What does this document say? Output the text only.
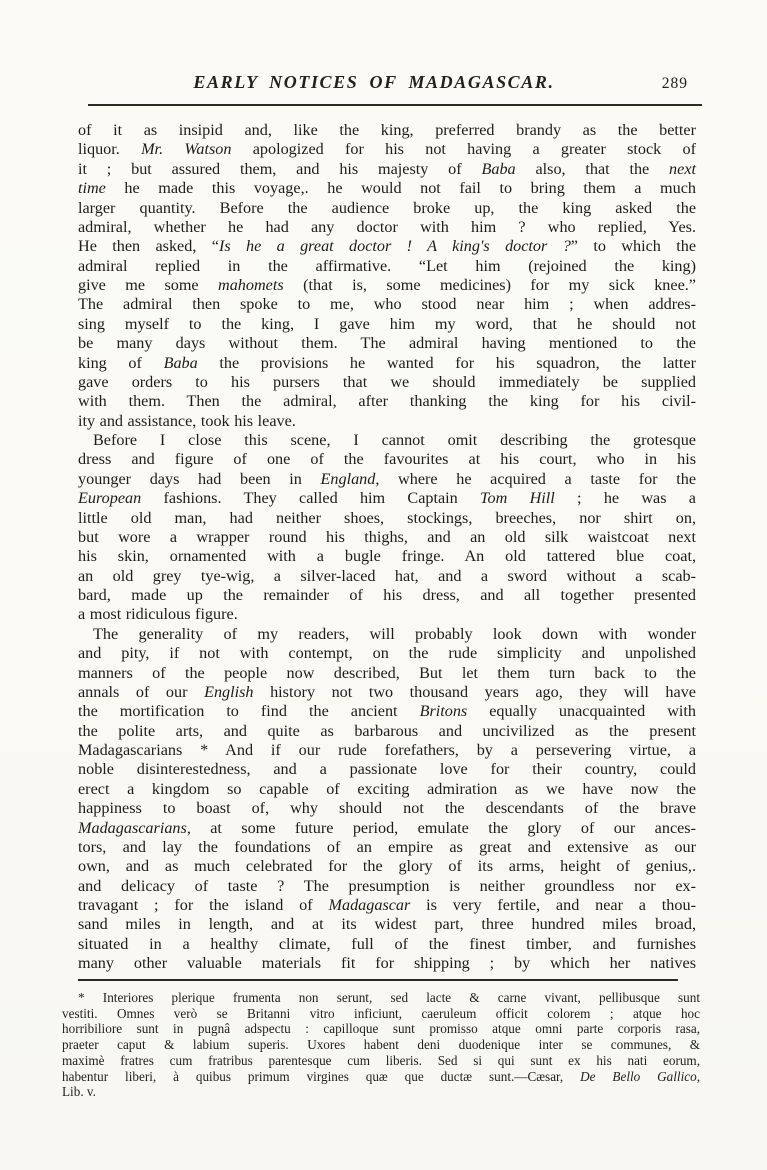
EARLY NOTICES OF MADAGASCAR.	289
of it as insipid and, like the king, preferred brandy as the better
liquor. Mr. Watson apologized for his not having a greater stock of
it ; but assured them, and his majesty of Baba also, that the next
time he made this voyage,. he would not fail to bring them a much
larger quantity. Before the audience broke up, the king asked the
admiral, whether he had any doctor with him ? who replied, Yes.
He then asked, “Is he a great doctor ! A king's doctor ?” to which the
admiral replied in the affirmative. “Let him (rejoined the king)
give me some mahomets (that is, some medicines) for my sick knee.”
The admiral then spoke to me, who stood near him ; when addres-
sing myself to the king, I gave him my word, that he should not
be many days without them. The admiral having mentioned to the
king of Baba the provisions he wanted for his squadron, the latter
gave orders to his pursers that we should immediately be supplied
with them. Then the admiral, after thanking the king for his civil-
ity and assistance, took his leave.
Before I close this scene, I cannot omit describing the grotesque
dress and figure of one of the favourites at his court, who in his
younger days had been in England, where he acquired a taste for the
European fashions. They called him Captain Tom Hill ; he was a
little old man, had neither shoes, stockings, breeches, nor shirt on,
but wore a wrapper round his thighs, and an old silk waistcoat next
his skin, ornamented with a bugle fringe. An old tattered blue coat,
an old grey tye-wig, a silver-laced hat, and a sword without a scab-
bard, made up the remainder of his dress, and all together presented
a most ridiculous figure.
The generality of my readers, will probably look down with wonder
and pity, if not with contempt, on the rude simplicity and unpolished
manners of the people now described, But let them turn back to the
annals of our English history not two thousand years ago, they will have
the mortification to find the ancient Britons equally unacquainted with
the polite arts, and quite as barbarous and uncivilized as the present
Madagascarians * And if our rude forefathers, by a persevering virtue, a
noble disinterestedness, and a passionate love for their country, could
erect a kingdom so capable of exciting admiration as we have now the
happiness to boast of, why should not the descendants of the brave
Madagascarians, at some future period, emulate the glory of our ances-
tors, and lay the foundations of an empire as great and extensive as our
own, and as much celebrated for the glory of its arms, height of genius,.
and delicacy of taste ? The presumption is neither groundless nor ex-
travagant ; for the island of Madagascar is very fertile, and near a thou-
sand miles in length, and at its widest part, three hundred miles broad,
situated in a healthy climate, full of the finest timber, and furnishes
many other valuable materials fit for shipping ; by which her natives
* Interiores plerique frumenta non serunt, sed lacte & carne vivant, pellibusque sunt
vestiti. Omnes verò se Britanni vitro inficiunt, caeruleum officit colorem ; atque hoc
horribiliore sunt in pugnâ adspectu : capilloque sunt promisso atque omni parte corporis rasa,
praeter caput & labium superis. Uxores habent deni duodenique inter se communes, &
maximè fratres cum fratribus parentesque cum liberis. Sed si qui sunt ex his nati eorum,
habentur liberi, à quibus primum virgines quæ que ductæ sunt.—Cæsar, De Bello Gallico,
Lib. v.
